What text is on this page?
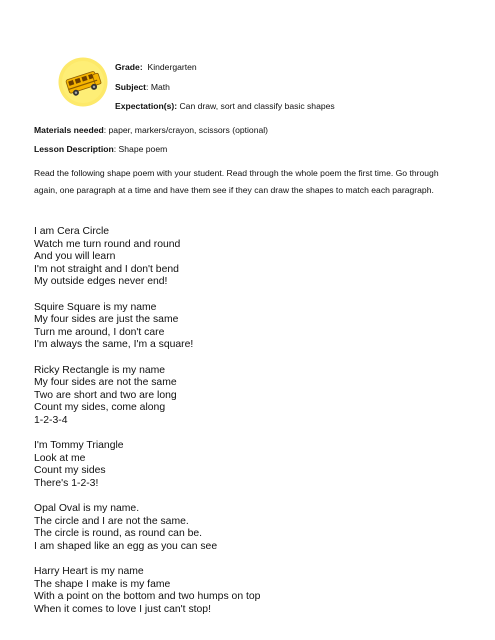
Grade: Kindergarten
Subject: Math
Expectation(s): Can draw, sort and classify basic shapes
Materials needed: paper, markers/crayon, scissors (optional)
Lesson Description: Shape poem
Read the following shape poem with your student. Read through the whole poem the first time. Go through again, one paragraph at a time and have them see if they can draw the shapes to match each paragraph.
I am Cera Circle
Watch me turn round and round
And you will learn
I'm not straight and I don't bend
My outside edges never end!
Squire Square is my name
My four sides are just the same
Turn me around, I don't care
I'm always the same, I'm a square!
Ricky Rectangle is my name
My four sides are not the same
Two are short and two are long
Count my sides, come along
1-2-3-4
I'm Tommy Triangle
Look at me
Count my sides
There's 1-2-3!
Opal Oval is my name.
The circle and I are not the same.
The circle is round, as round can be.
I am shaped like an egg as you can see
Harry Heart is my name
The shape I make is my fame
With a point on the bottom and two humps on top
When it comes to love I just can't stop!
